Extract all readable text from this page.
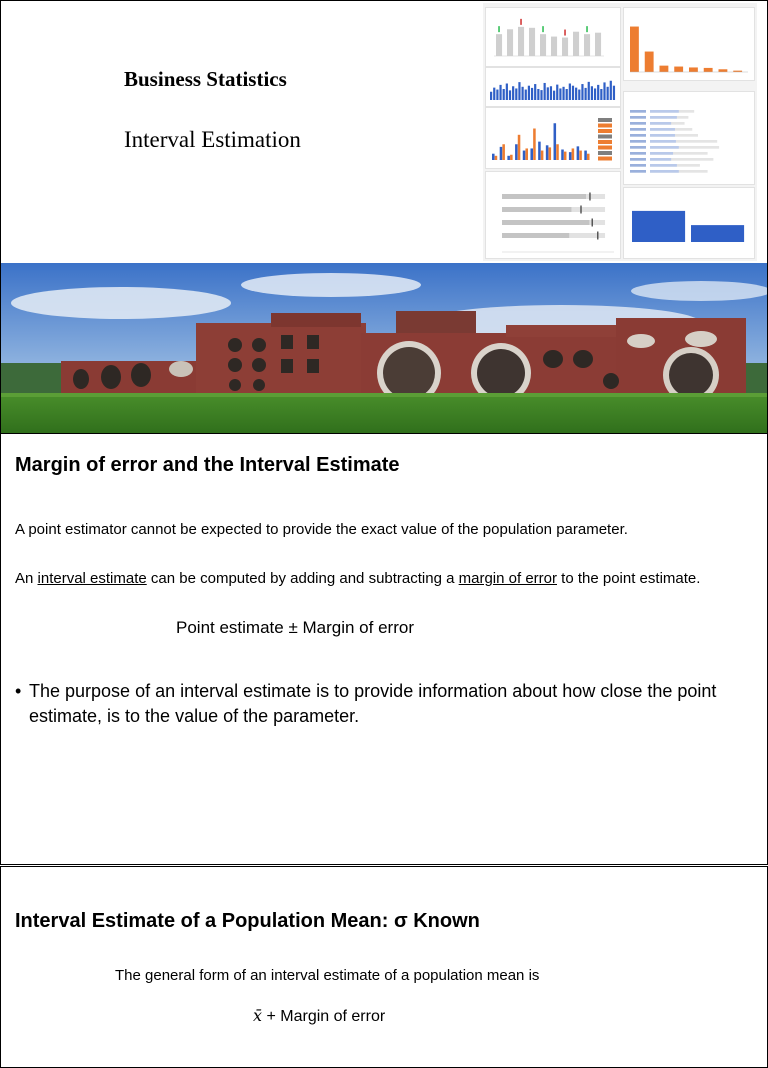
Business Statistics
Interval Estimation
Margin of error and the Interval Estimate
A point estimator cannot be expected to provide the exact value of the population parameter.
An interval estimate can be computed by adding and subtracting a margin of error to the point estimate.
Point estimate ± Margin of error
• The purpose of an interval estimate is to provide information about how close the point estimate, is to the value of the parameter.
Interval Estimate of a Population Mean: σ Known
The general form of an interval estimate of a population mean is
x̄ + Margin of error
